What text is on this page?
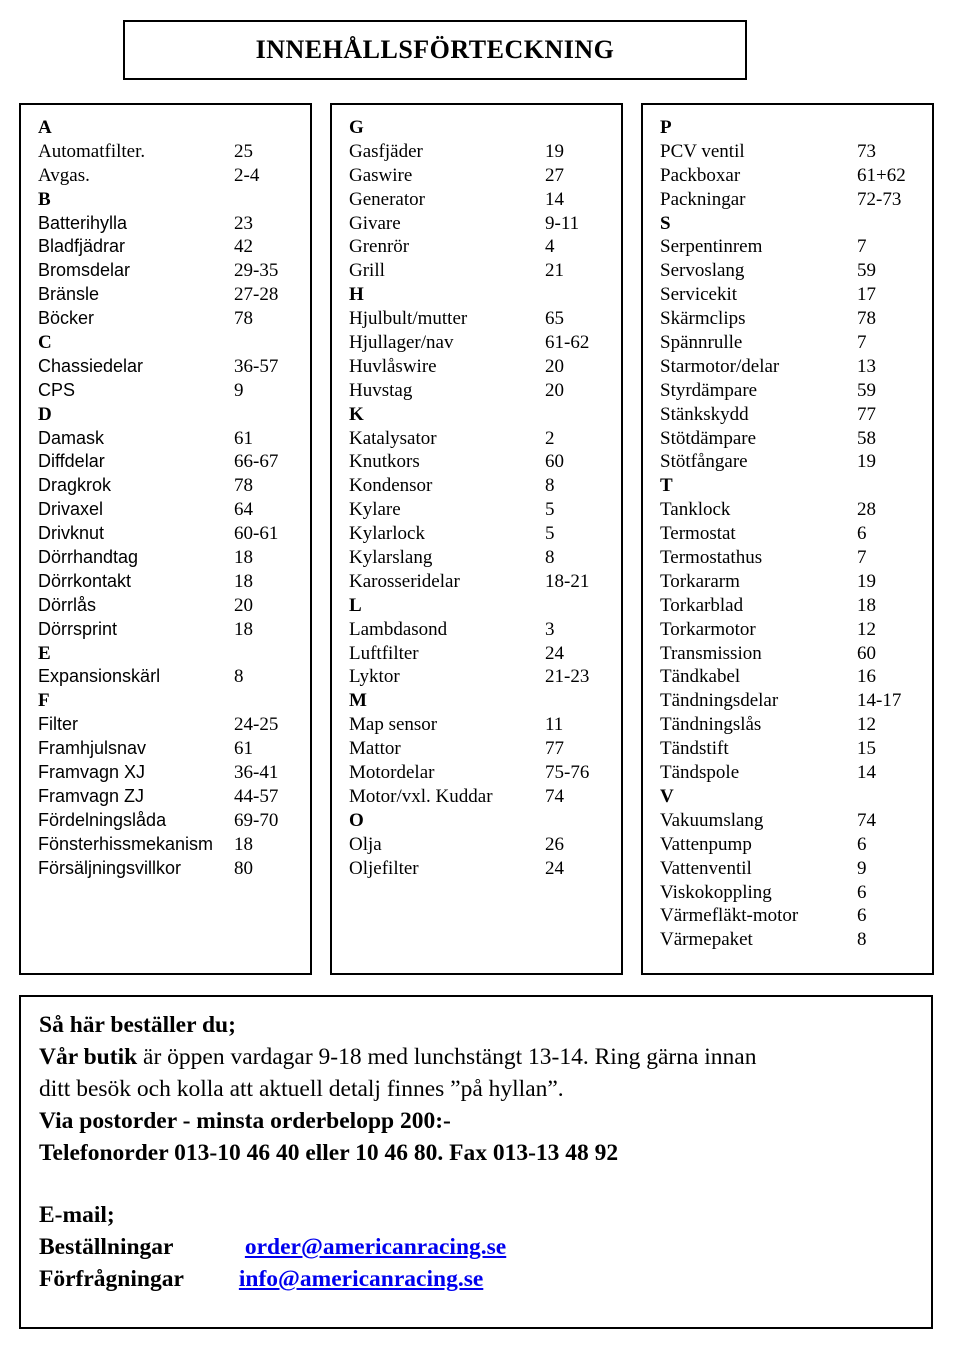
INNEHÅLLSFÖRTECKNING
A
Automatfilter.	25
Avgas.	2-4
B
Batterihylla	23
Bladfjädrar	42
Bromsdelar	29-35
Bränsle	27-28
Böcker	78
C
Chassiedelar	36-57
CPS	9
D
Damask	61
Diffdelar	66-67
Dragkrok	78
Drivaxel	64
Drivknut	60-61
Dörrhandtag	18
Dörrkontakt	18
Dörrlås	20
Dörrsprint	18
E
Expansionskärl	8
F
Filter	24-25
Framhjulsnav	61
Framvagn XJ	36-41
Framvagn ZJ	44-57
Fördelningslåda	69-70
Fönsterhissmekanism 18
Försäljningsvillkor	80
G
Gasfjäder	19
Gaswire	27
Generator	14
Givare	9-11
Grenrör	4
Grill	21
H
Hjulbult/mutter	65
Hjullager/nav	61-62
Huvlåswire	20
Huvstag	20
K
Katalysator	2
Knutkors	60
Kondensor	8
Kylare	5
Kylarlock	5
Kylarslang	8
Karosseridelar	18-21
L
Lambdasond	3
Luftfilter	24
Lyktor	21-23
M
Map sensor	11
Mattor	77
Motordelar	75-76
Motor/vxl. Kuddar	74
O
Olja	26
Oljefilter	24
P
PCV ventil	73
Packboxar	61+62
Packningar	72-73
S
Serpentinrem	7
Servoslang	59
Servicekit	17
Skärmclips	78
Spännrulle	7
Starmotor/delar	13
Styrdämpare	59
Stänkskydd	77
Stötdämpare	58
Stötfångare	19
T
Tanklock	28
Termostat	6
Termostathus	7
Torkararm	19
Torkarblad	18
Torkarmotor	12
Transmission	60
Tändkabel	16
Tändningsdelar	14-17
Tändningslås	12
Tändstift	15
Tändspole	14
V
Vakuumslang	74
Vattenpump	6
Vattenventil	9
Viskokoppling	6
Värmefläkt-motor	6
Värmepaket	8
Så här beställer du;
Vår butik är öppen vardagar 9-18 med lunchstängt 13-14. Ring gärna innan
ditt besök och kolla att aktuell detalj finnes ”på hyllan”.
Via postorder - minsta orderbelopp 200:-
Telefonorder 013-10 46 40 eller 10 46 80. Fax 013-13 48 92
E-mail;
Beställningar	order@americanracing.se
Förfrågningar info@americanracing.se
